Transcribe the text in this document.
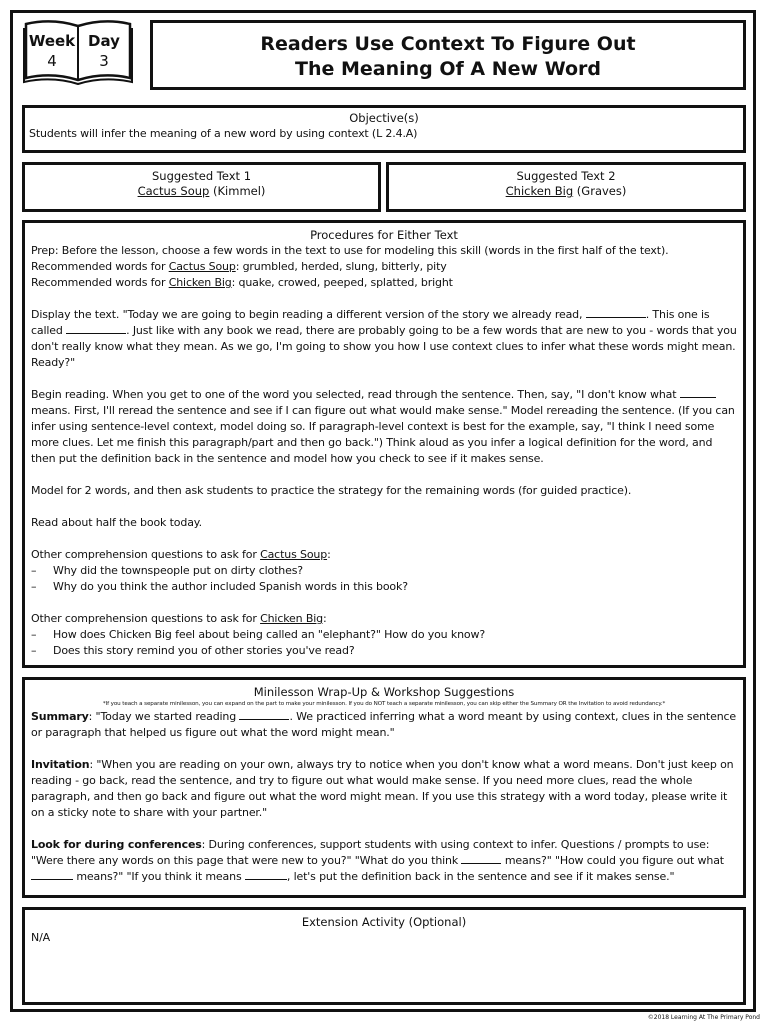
Week
4
Day
3
Readers Use Context To Figure Out
The Meaning Of A New Word
Objective(s)
Students will infer the meaning of a new word by using context (L 2.4.A)
Suggested Text 1
Cactus Soup (Kimmel)
Suggested Text 2
Chicken Big (Graves)
Procedures for Either Text

Prep: Before the lesson, choose a few words in the text to use for modeling this skill (words in the first half of the text).

Recommended words for Cactus Soup: grumbled, herded, slung, bitterly, pity

Recommended words for Chicken Big: quake, crowed, peeped, splatted, bright

Display the text. "Today we are going to begin reading a different version of the story we already read,	. This one is called	. Just like with any book we read, there are probably going to be a few words that are new to you - words that you don't really know what they mean. As we go, I'm going to show you how I use context clues to infer what these words might mean. Ready?"

Begin reading. When you get to one of the word you selected, read through the sentence. Then, say, "I don't know what  means. First, I'll reread the sentence and see if I can figure out what would make sense." Model rereading the sentence. (If you can infer using sentence-level context, model doing so. If paragraph-level context is best for the example, say, "I think I need some more clues. Let me finish this paragraph/part and then go back.") Think aloud as you infer a logical definition for the word, and then put the definition back in the sentence and model how you check to see if it makes sense.

Model for 2 words, and then ask students to practice the strategy for the remaining words (for guided practice).

Read about half the book today.

Other comprehension questions to ask for Cactus Soup:

–	Why did the townspeople put on dirty clothes?
–	Why do you think the author included Spanish words in this book?

Other comprehension questions to ask for Chicken Big:

–	How does Chicken Big feel about being called an "elephant?" How do you know?
–	Does this story remind you of other stories you've read?
Minilesson Wrap-Up & Workshop Suggestions
*If you teach a separate minilesson, you can expand on the part to make your minilesson. If you do NOT teach a separate minilesson, you can skip either the Summary OR the Invitation to avoid redundancy.*

Summary: "Today we started reading	. We practiced inferring what a word meant by using context, clues in the sentence or paragraph that helped us figure out what the word might mean."

Invitation: "When you are reading on your own, always try to notice when you don't know what a word means. Don't just keep on reading - go back, read the sentence, and try to figure out what would make sense. If you need more clues, read the whole paragraph, and then go back and figure out what the word might mean. If you use this strategy with a word today, please write it on a sticky note to share with your partner."

Look for during conferences: During conferences, support students with using context to infer. Questions / prompts to use: "Were there any words on this page that were new to you?" "What do you think	means?" "How could you figure out what  means?" "If you think it means	, let's put the definition back in the sentence and see if it makes sense."

Extension Activity (Optional)
N/A
©2018 Learning At The Primary Pond
